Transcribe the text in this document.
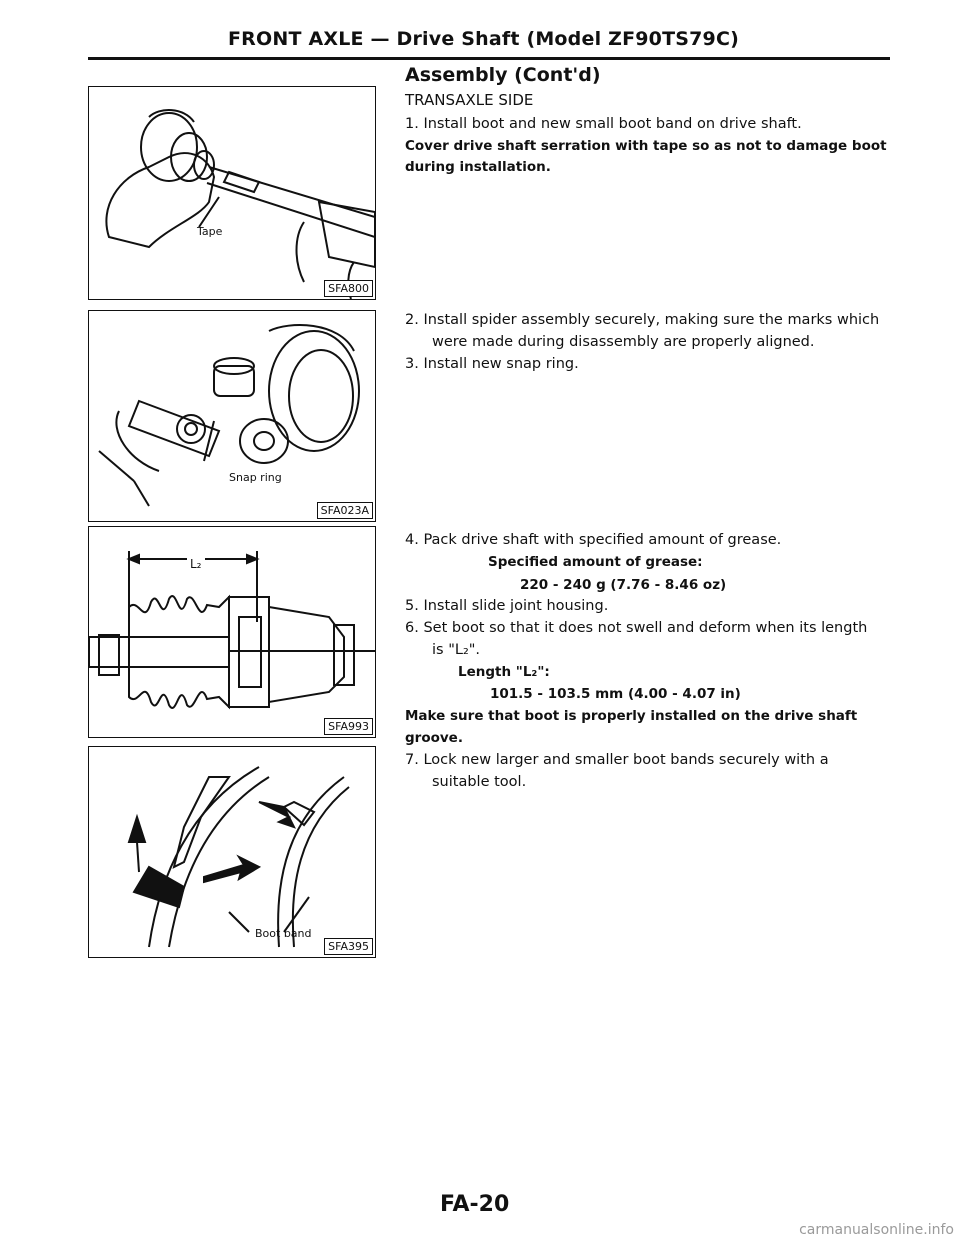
FRONT AXLE — Drive Shaft (Model ZF90TS79C)
Tape
SFA800
Snap ring
SFA023A
L₂
SFA993
Boot band
SFA395
Assembly (Cont'd)
TRANSAXLE SIDE
1. Install boot and new small boot band on drive shaft.
Cover drive shaft serration with tape so as not to damage boot
during installation.
2. Install spider assembly securely, making sure the marks which
were made during disassembly are properly aligned.
3. Install new snap ring.
4. Pack drive shaft with specified amount of grease.
Specified amount of grease:
220 - 240 g (7.76 - 8.46 oz)
5. Install slide joint housing.
6. Set boot so that it does not swell and deform when its length
is "L₂".
Length "L₂":
101.5 - 103.5 mm (4.00 - 4.07 in)
Make sure that boot is properly installed on the drive shaft
groove.
7. Lock new larger and smaller boot bands securely with a
suitable tool.
FA-20
carmanualsonline.info
